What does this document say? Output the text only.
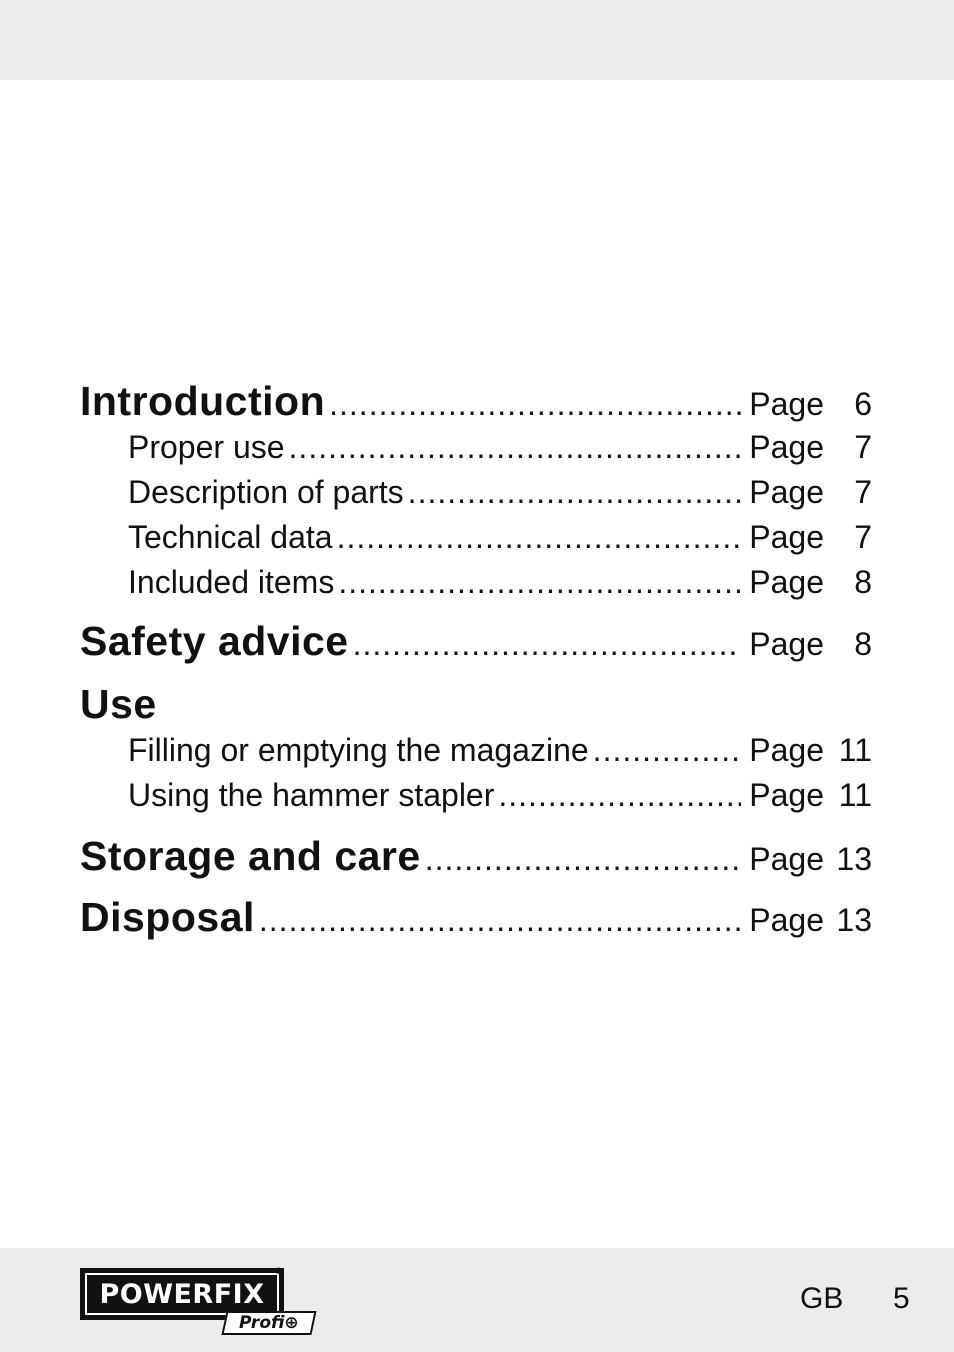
Introduction .....	Page 6
Proper use .....	Page 7
Description of parts .....	Page 7
Technical data .....	Page 7
Included items .....	Page 8
Safety advice .....	Page 8
Use
Filling or emptying the magazine .....	Page 11
Using the hammer stapler .....	Page 11
Storage and care .....	Page 13
Disposal .....	Page 13
POWERFIX
®
Profi⊕
GB 5
